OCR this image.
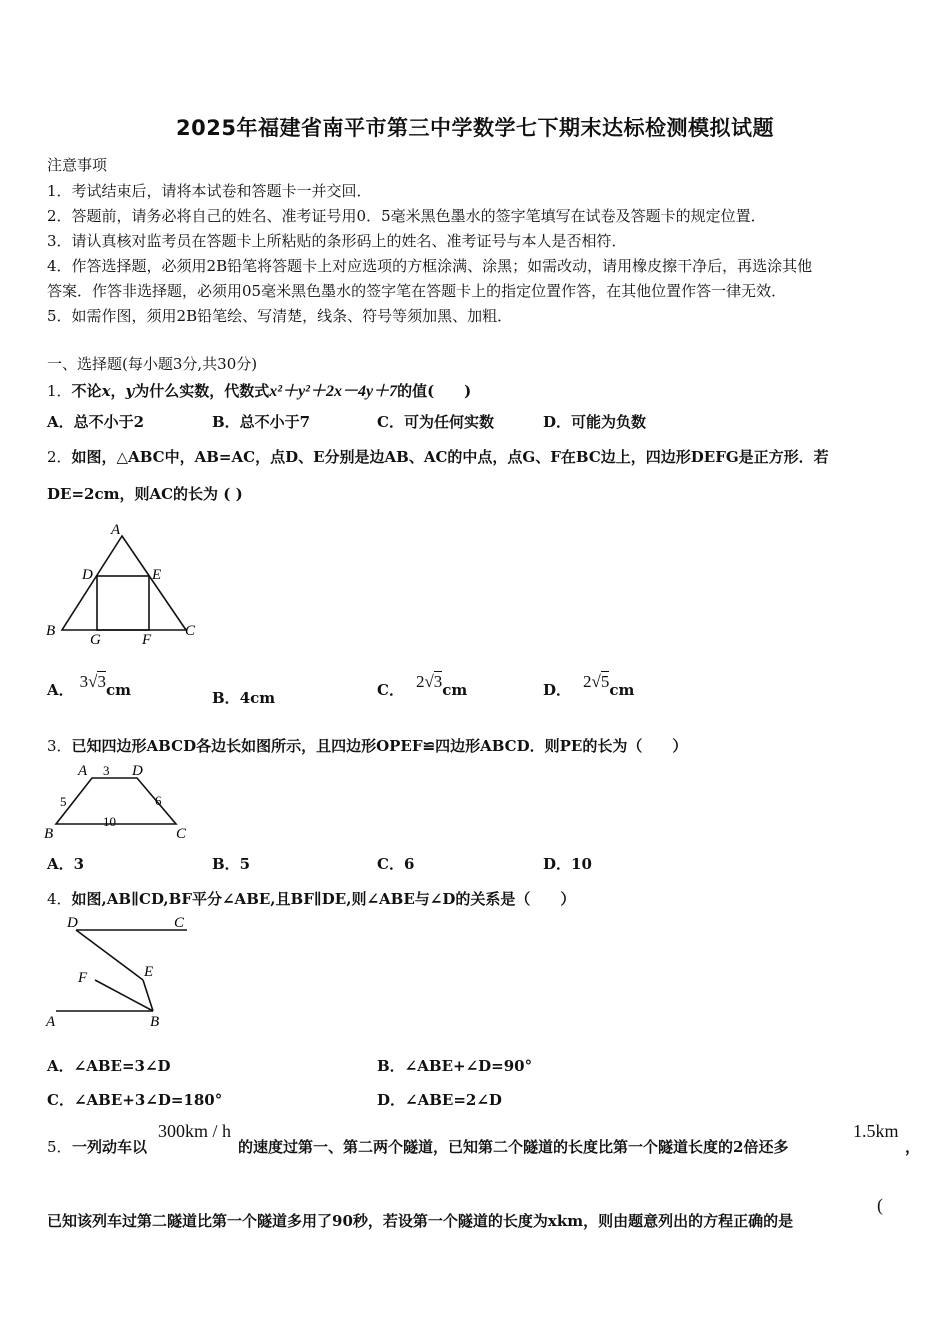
2025年福建省南平市第三中学数学七下期末达标检测模拟试题
注意事项
1．考试结束后，请将本试卷和答题卡一并交回．
2．答题前，请务必将自己的姓名、准考证号用0．5毫米黑色墨水的签字笔填写在试卷及答题卡的规定位置．
3．请认真核对监考员在答题卡上所粘贴的条形码上的姓名、准考证号与本人是否相符．
4．作答选择题，必须用2B铅笔将答题卡上对应选项的方框涂满、涂黑；如需改动，请用橡皮擦干净后，再选涂其他
答案．作答非选择题，必须用05毫米黑色墨水的签字笔在答题卡上的指定位置作答，在其他位置作答一律无效．
5．如需作图，须用2B铅笔绘、写清楚，线条、符号等须加黑、加粗．
一、选择题(每小题3分,共30分)
1．不论x，y为什么实数，代数式x²＋y²＋2x－4y＋7的值(　　)
A．总不小于2	B．总不小于7	C．可为任何实数	D．可能为负数
2．如图，△ABC中，AB=AC，点D、E分别是边AB、AC的中点，点G、F在BC边上，四边形DEFG是正方形．若
DE=2cm，则AC的长为 ( )
A
D	E
B
G	F
C
A． 3√3cm	B．4cm	C． 2√3cm	D． 2√5cm
3．已知四边形ABCD各边长如图所示，且四边形OPEF≌四边形ABCD．则PE的长为（　　）
A 3 D
5	6
10
B	C
A．3	B．5	C．6	D．10
4．如图,AB∥CD,BF平分∠ABE,且BF∥DE,则∠ABE与∠D的关系是（　　）
D	C
F	E
A	B
A．∠ABE=3∠D	B．∠ABE+∠D=90°
C．∠ABE+3∠D=180°	D．∠ABE=2∠D
5． 一列动车以
300km / h
的速度过第一、第二两个隧道，已知第二个隧道的长度比第一个隧道长度的2倍还多
1.5km
，
已知该列车过第二隧道比第一个隧道多用了90秒，若设第一个隧道的长度为xkm，则由题意列出的方程正确的是
(
